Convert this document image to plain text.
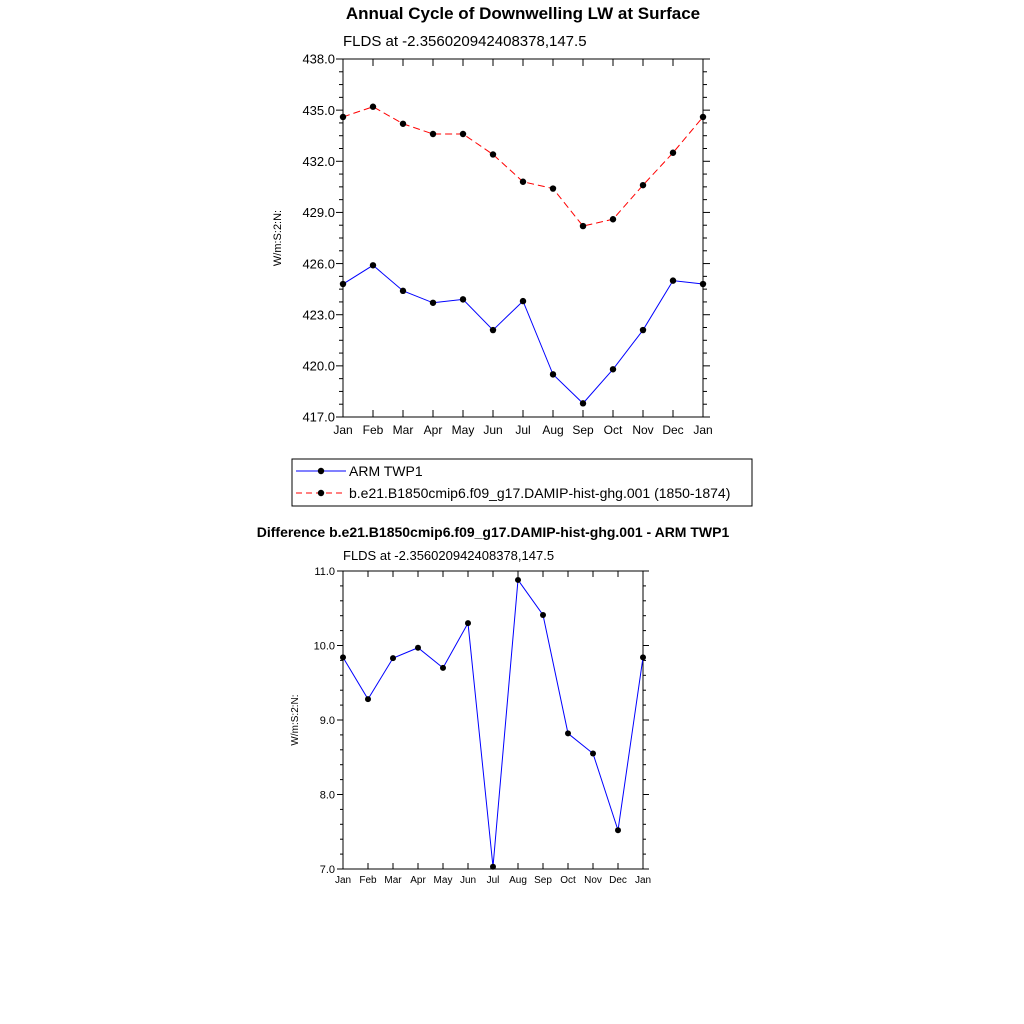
Annual Cycle of Downwelling LW at Surface
FLDS at -2.356020942408378,147.5
W/m:S:2:N:
Jan Feb Mar Apr May Jun Jul Aug Sep Oct Nov Dec Jan
417.0
420.0
423.0
426.0
429.0
432.0
435.0
438.0
ARM TWP1
b.e21.B1850cmip6.f09_g17.DAMIP-hist-ghg.001 (1850-1874)
Difference b.e21.B1850cmip6.f09_g17.DAMIP-hist-ghg.001 - ARM TWP1
FLDS at -2.356020942408378,147.5
W/m:S:2:N:
Jan Feb Mar Apr May Jun Jul Aug Sep Oct Nov Dec Jan
7.0
8.0
9.0
10.0
11.0
